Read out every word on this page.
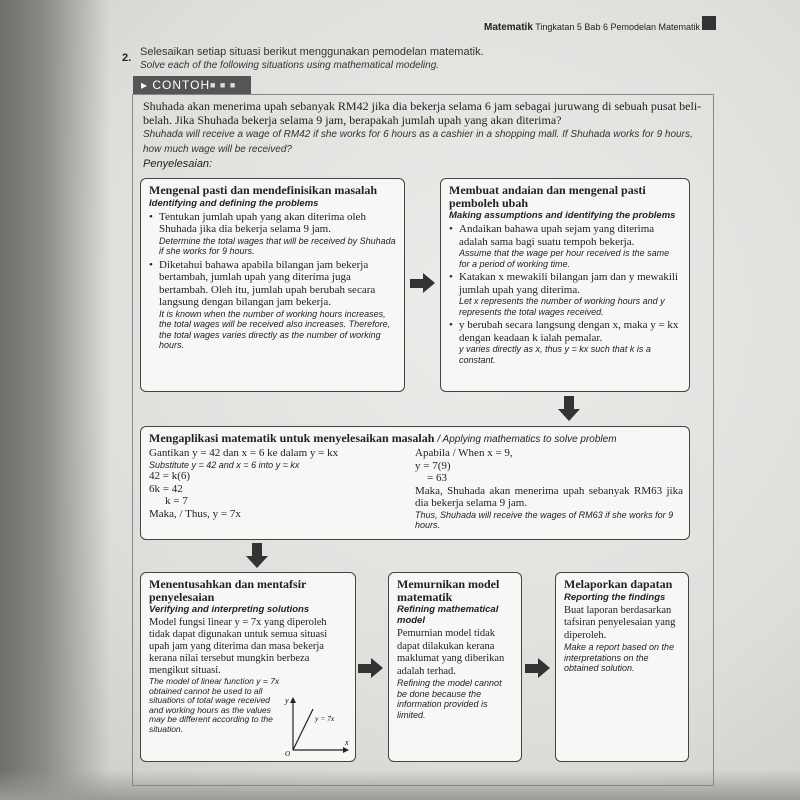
Matematik Tingkatan 5 Bab 6 Pemodelan Matematik
2. Selesaikan setiap situasi berikut menggunakan pemodelan matematik.
Solve each of the following situations using mathematical modeling.
▸ CONTOH ■ ■ ■
Shuhada akan menerima upah sebanyak RM42 jika dia bekerja selama 6 jam sebagai juruwang di sebuah pusat beli-belah. Jika Shuhada bekerja selama 9 jam, berapakah jumlah upah yang akan diterima?
Shuhada will receive a wage of RM42 if she works for 6 hours as a cashier in a shopping mall. If Shuhada works for 9 hours, how much wage will be received?
Penyelesaian:
Mengenal pasti dan mendefinisikan masalah
Identifying and defining the problems

• Tentukan jumlah upah yang akan diterima oleh Shuhada jika dia bekerja selama 9 jam.

Determine the total wages that will be received by Shuhada if she works for 9 hours.

• Diketahui bahawa apabila bilangan jam bekerja bertambah, jumlah upah yang diterima juga bertambah. Oleh itu, jumlah upah berubah secara langsung dengan bilangan jam bekerja.

It is known when the number of working hours increases, the total wages will be received also increases. Therefore, the total wages varies directly as the number of working hours.

Membuat andaian dan mengenal pasti pemboleh ubah
Making assumptions and identifying the problems

• Andaikan bahawa upah sejam yang diterima adalah sama bagi suatu tempoh bekerja.

Assume that the wage per hour received is the same for a period of working time.

• Katakan x mewakili bilangan jam dan y mewakili jumlah upah yang diterima.

Let x represents the number of working hours and y represents the total wages received.

• y berubah secara langsung dengan x, maka y = kx dengan keadaan k ialah pemalar.

y varies directly as x, thus y = kx such that k is a constant.

Mengaplikasi matematik untuk menyelesaikan masalah / Applying mathematics to solve problem

Gantikan y = 42 dan x = 6 ke dalam y = kx

Substitute y = 42 and x = 6 into y = kx

42 = k(6)

6k = 42

k = 7

Maka, / Thus, y = 7x

Apabila / When x = 9,

y = 7(9)

= 63

Maka, Shuhada akan menerima upah sebanyak RM63 jika dia bekerja selama 9 jam.

Thus, Shuhada will receive the wages of RM63 if she works for 9 hours.

Menentusahkan dan mentafsir penyelesaian
Verifying and interpreting solutions

Model fungsi linear y = 7x yang diperoleh tidak dapat digunakan untuk semua situasi upah jam yang diterima dan masa bekerja kerana nilai tersebut mungkin berbeza mengikut situasi.

The model of linear function y = 7x obtained cannot be used to all situations of total wage received and working hours as the values may be different according to the situation.

y
x
O
y = 7x
Memurnikan model matematik
Refining mathematical model

Pemurnian model tidak dapat dilakukan kerana maklumat yang diberikan adalah terhad.

Refining the model cannot be done because the information provided is limited.

Melaporkan dapatan
Reporting the findings

Buat laporan berdasarkan tafsiran penyelesaian yang diperoleh.

Make a report based on the interpretations on the obtained solution.
